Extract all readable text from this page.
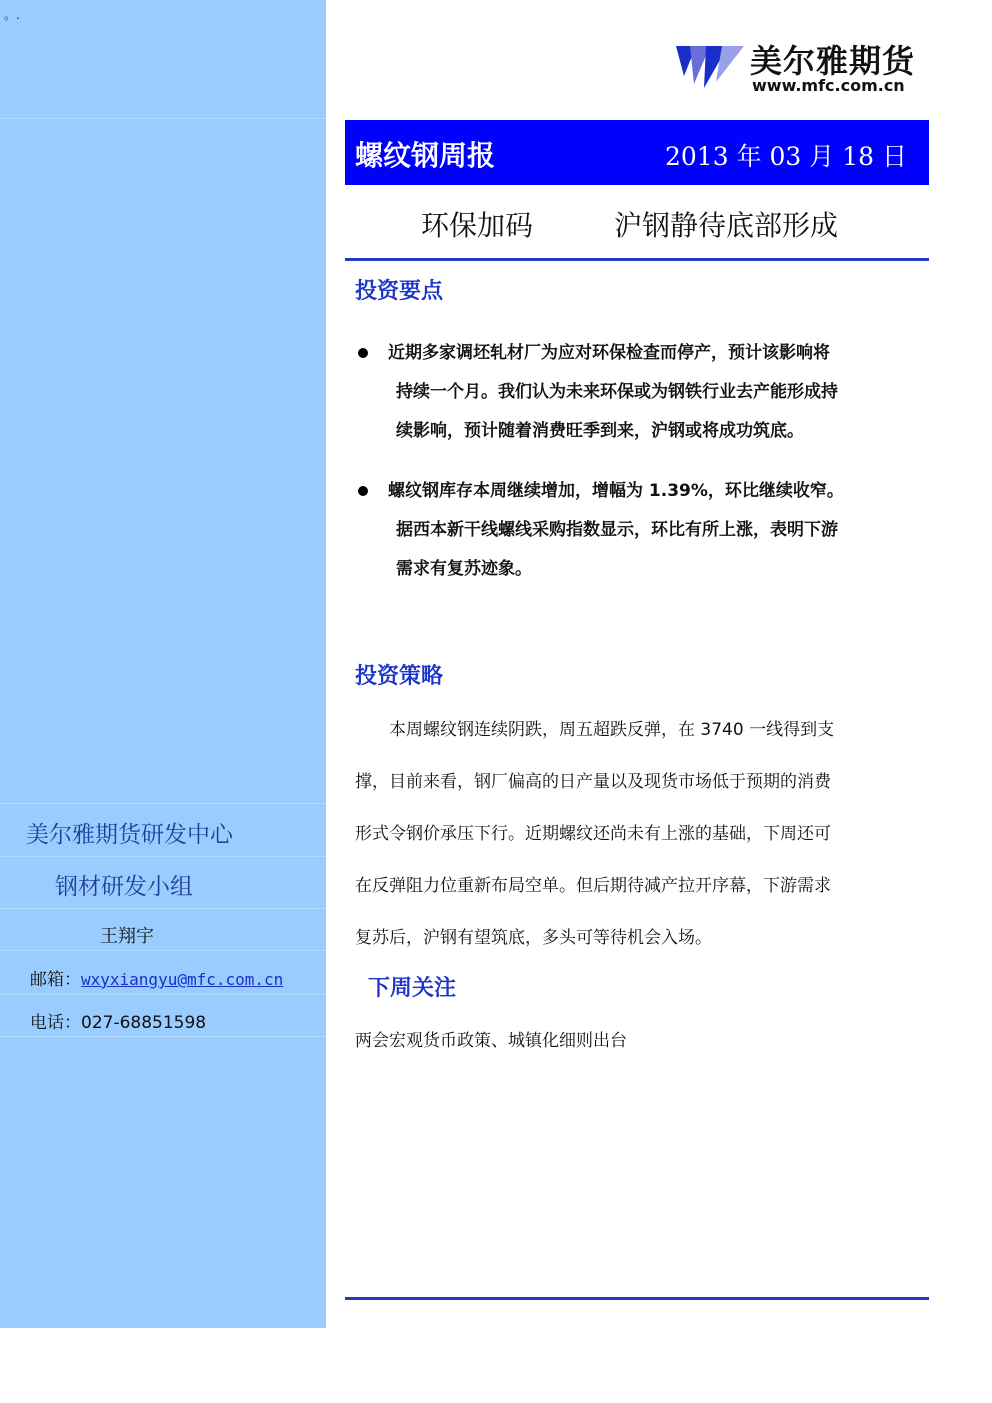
。.
美尔雅期货研发中心
钢材研发小组
王翔宇
邮箱：wxyxiangyu@mfc.com.cn
电话：027-68851598
美尔雅期货
www.mfc.com.cn
螺纹钢周报	2013 年 03 月 18 日
环保加码	沪钢静待底部形成
投资要点
近期多家调坯轧材厂为应对环保检查而停产，预计该影响将
持续一个月。我们认为未来环保或为钢铁行业去产能形成持
续影响，预计随着消费旺季到来，沪钢或将成功筑底。
螺纹钢库存本周继续增加，增幅为 1.39%，环比继续收窄。
据西本新干线螺线采购指数显示，环比有所上涨，表明下游
需求有复苏迹象。
投资策略
　　本周螺纹钢连续阴跌，周五超跌反弹，在 3740 一线得到支
撑，目前来看，钢厂偏高的日产量以及现货市场低于预期的消费
形式令钢价承压下行。近期螺纹还尚未有上涨的基础，下周还可
在反弹阻力位重新布局空单。但后期待减产拉开序幕，下游需求
复苏后，沪钢有望筑底，多头可等待机会入场。
下周关注
两会宏观货币政策、城镇化细则出台
